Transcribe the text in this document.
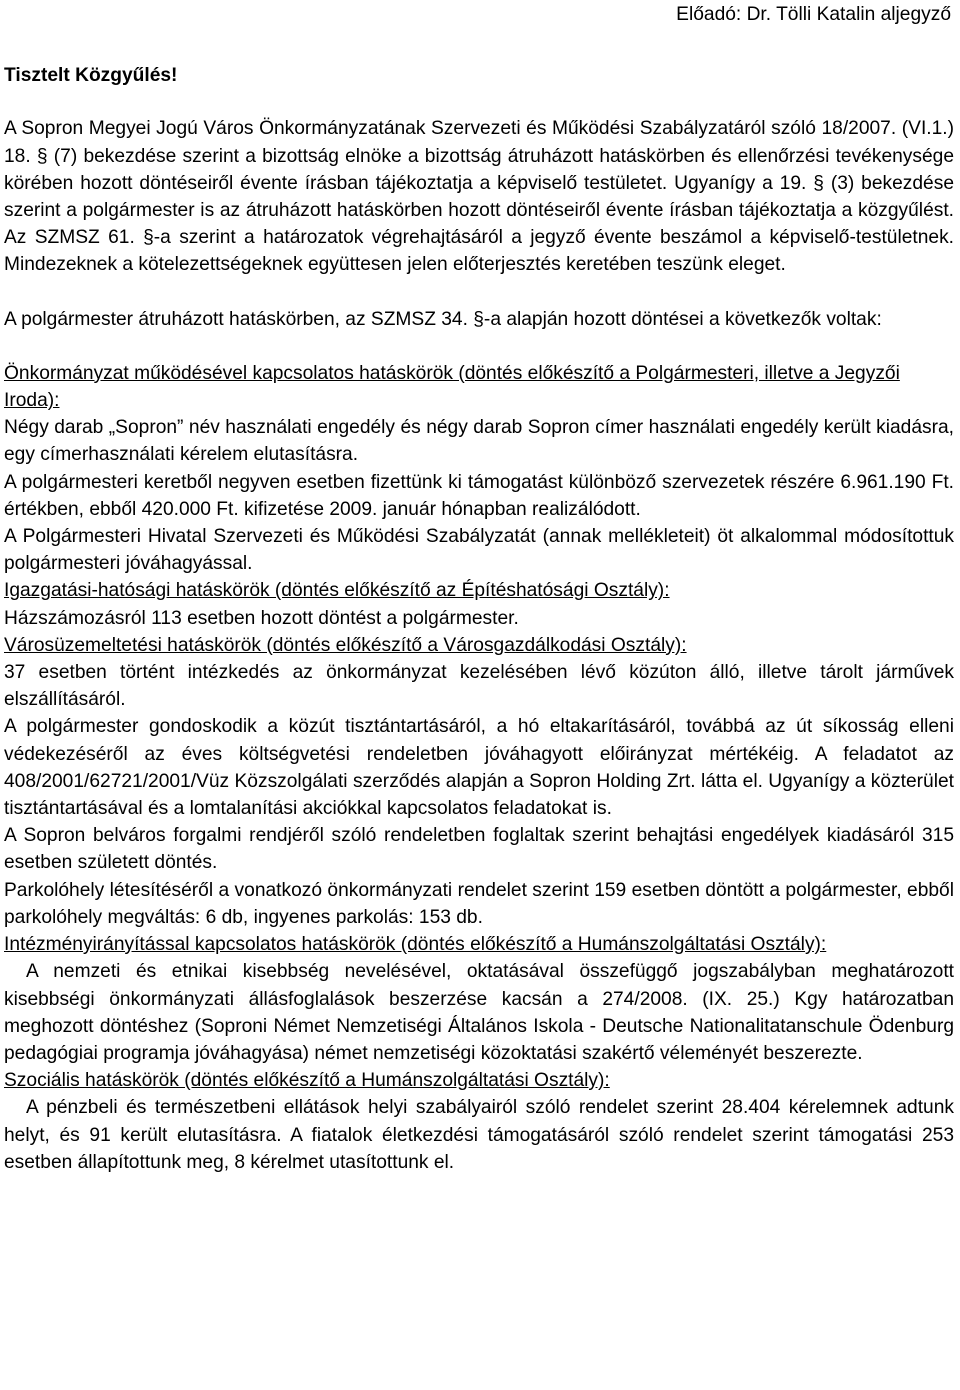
Előadó: Dr. Tölli Katalin aljegyző
Tisztelt Közgyűlés!

A Sopron Megyei Jogú Város Önkormányzatának Szervezeti és Működési Szabályzatáról szóló 18/2007. (VI.1.) 18. § (7) bekezdése szerint a bizottság elnöke a bizottság átruházott hatáskörben és ellenőrzési tevékenysége körében hozott döntéseiről évente írásban tájékoztatja a képviselő testületet. Ugyanígy a 19. § (3) bekezdése szerint a polgármester is az átruházott hatáskörben hozott döntéseiről évente írásban tájékoztatja a közgyűlést. Az SZMSZ 61. §-a szerint a határozatok végrehajtásáról a jegyző évente beszámol a képviselő-testületnek. Mindezeknek a kötelezettségeknek együttesen jelen előterjesztés keretében teszünk eleget.

A polgármester átruházott hatáskörben, az SZMSZ 34. §-a alapján hozott döntései a következők voltak:

Önkormányzat működésével kapcsolatos hatáskörök (döntés előkészítő a Polgármesteri, illetve a Jegyzői Iroda):

Négy darab „Sopron” név használati engedély és négy darab Sopron címer használati engedély került kiadásra, egy címerhasználati kérelem elutasításra.

A polgármesteri keretből negyven esetben fizettünk ki támogatást különböző szervezetek részére 6.961.190 Ft. értékben, ebből 420.000 Ft. kifizetése 2009. január hónapban realizálódott.

A Polgármesteri Hivatal Szervezeti és Működési Szabályzatát (annak mellékleteit) öt alkalommal módosítottuk polgármesteri jóváhagyással.

Igazgatási-hatósági hatáskörök (döntés előkészítő az Építéshatósági Osztály):

Házszámozásról 113 esetben hozott döntést a polgármester.

Városüzemeltetési hatáskörök (döntés előkészítő a Városgazdálkodási Osztály):

37 esetben történt intézkedés az önkormányzat kezelésében lévő közúton álló, illetve tárolt járművek elszállításáról.

A polgármester gondoskodik a közút tisztántartásáról, a hó eltakarításáról, továbbá az út síkosság elleni védekezéséről az éves költségvetési rendeletben jóváhagyott előirányzat mértékéig. A feladatot az 408/2001/62721/2001/Vüz Közszolgálati szerződés alapján a Sopron Holding Zrt. látta el. Ugyanígy a közterület tisztántartásával és a lomtalanítási akciókkal kapcsolatos feladatokat is.

A Sopron belváros forgalmi rendjéről szóló rendeletben foglaltak szerint behajtási engedélyek kiadásáról 315 esetben született döntés.

Parkolóhely létesítéséről a vonatkozó önkormányzati rendelet szerint 159 esetben döntött a polgármester, ebből parkolóhely megváltás: 6 db, ingyenes parkolás: 153 db.

Intézményirányítással kapcsolatos hatáskörök (döntés előkészítő a Humánszolgáltatási Osztály):

A nemzeti és etnikai kisebbség nevelésével, oktatásával összefüggő jogszabályban meghatározott kisebbségi önkormányzati állásfoglalások beszerzése kacsán a 274/2008. (IX. 25.) Kgy határozatban meghozott döntéshez (Soproni Német Nemzetiségi Általános Iskola - Deutsche Nationalitatanschule Ödenburg pedagógiai programja jóváhagyása) német nemzetiségi közoktatási szakértő véleményét beszerezte.

Szociális hatáskörök (döntés előkészítő a Humánszolgáltatási Osztály):

A pénzbeli és természetbeni ellátások helyi szabályairól szóló rendelet szerint 28.404 kérelemnek adtunk helyt, és 91 került elutasításra. A fiatalok életkezdési támogatásáról szóló rendelet szerint támogatási 253 esetben állapítottunk meg, 8 kérelmet utasítottunk el.
